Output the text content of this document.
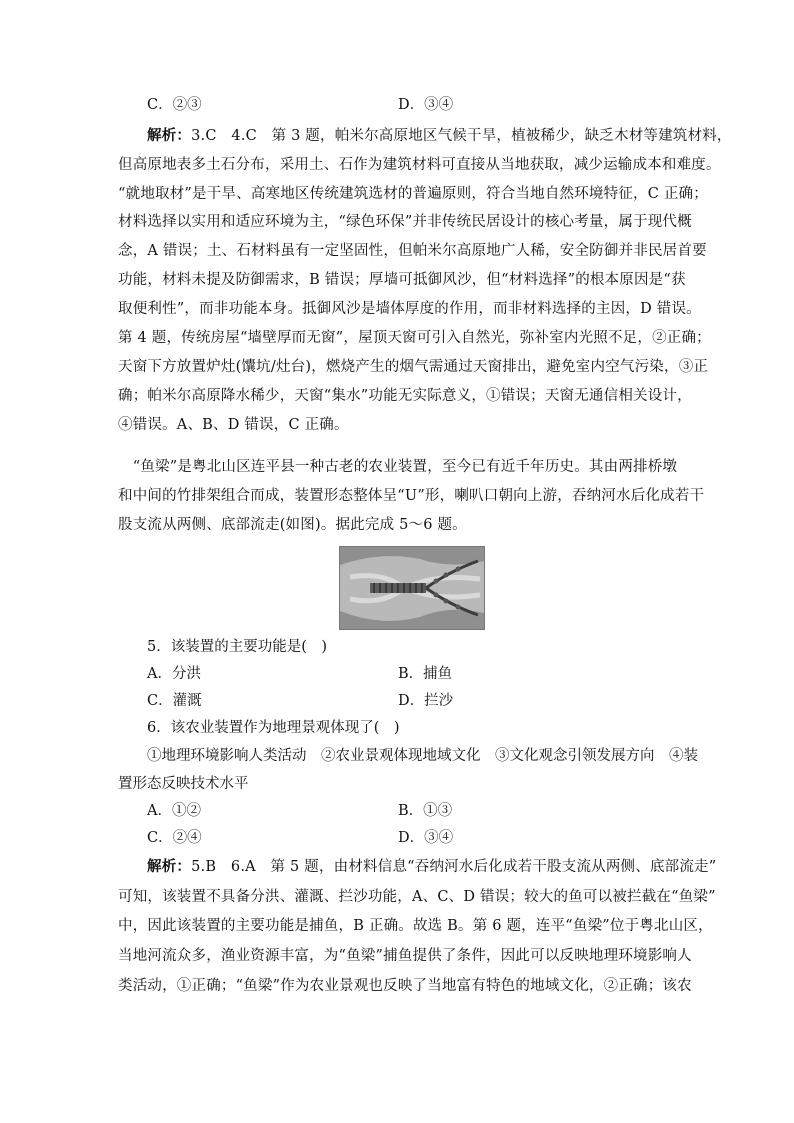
C．②③	D．③④
解析：3.C　4.C　第 3 题，帕米尔高原地区气候干旱，植被稀少，缺乏木材等建筑材料，
但高原地表多土石分布，采用土、石作为建筑材料可直接从当地获取，减少运输成本和难度。
“就地取材”是干旱、高寒地区传统建筑选材的普遍原则，符合当地自然环境特征，C 正确；
材料选择以实用和适应环境为主，“绿色环保”并非传统民居设计的核心考量，属于现代概
念，A 错误；土、石材料虽有一定坚固性，但帕米尔高原地广人稀，安全防御并非民居首要
功能，材料未提及防御需求，B 错误；厚墙可抵御风沙，但“材料选择”的根本原因是“获
取便利性”，而非功能本身。抵御风沙是墙体厚度的作用，而非材料选择的主因，D 错误。
第 4 题，传统房屋“墙壁厚而无窗”，屋顶天窗可引入自然光，弥补室内光照不足，②正确；
天窗下方放置炉灶(馕坑/灶台)，燃烧产生的烟气需通过天窗排出，避免室内空气污染，③正
确；帕米尔高原降水稀少，天窗“集水”功能无实际意义，①错误；天窗无通信相关设计，
④错误。A、B、D 错误，C 正确。
　“鱼梁”是粤北山区连平县一种古老的农业装置，至今已有近千年历史。其由两排桥墩
和中间的竹排架组合而成，装置形态整体呈“U”形，喇叭口朝向上游，吞纳河水后化成若干
股支流从两侧、底部流走(如图)。据此完成 5～6 题。
5．该装置的主要功能是(　)
A．分洪	B．捕鱼
C．灌溉	D．拦沙
6．该农业装置作为地理景观体现了(　)
①地理环境影响人类活动　②农业景观体现地域文化　③文化观念引领发展方向　④装
置形态反映技术水平
A．①②	B．①③
C．②④	D．③④
解析：5.B　6.A　第 5 题，由材料信息“吞纳河水后化成若干股支流从两侧、底部流走”
可知，该装置不具备分洪、灌溉、拦沙功能，A、C、D 错误；较大的鱼可以被拦截在“鱼梁”
中，因此该装置的主要功能是捕鱼，B 正确。故选 B。第 6 题，连平“鱼梁”位于粤北山区，
当地河流众多，渔业资源丰富，为“鱼梁”捕鱼提供了条件，因此可以反映地理环境影响人
类活动，①正确；“鱼梁”作为农业景观也反映了当地富有特色的地域文化，②正确；该农
